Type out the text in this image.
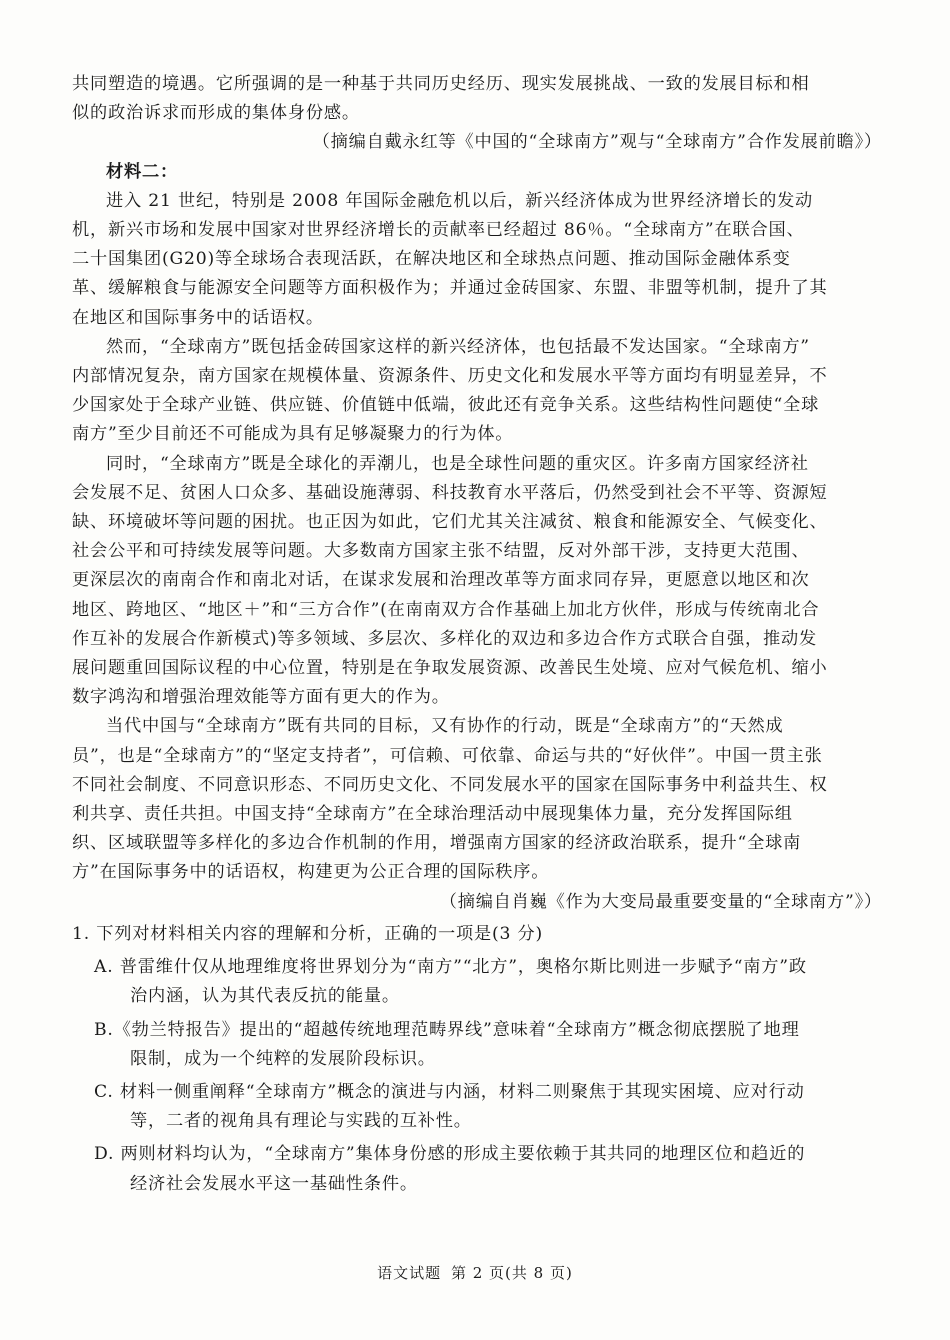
共同塑造的境遇。它所强调的是一种基于共同历史经历、现实发展挑战、一致的发展目标和相
似的政治诉求而形成的集体身份感。
（摘编自戴永红等《中国的“全球南方”观与“全球南方”合作发展前瞻》）
材料二：
进入 21 世纪，特别是 2008 年国际金融危机以后，新兴经济体成为世界经济增长的发动
机，新兴市场和发展中国家对世界经济增长的贡献率已经超过 86％。“全球南方”在联合国、
二十国集团(G20)等全球场合表现活跃，在解决地区和全球热点问题、推动国际金融体系变
革、缓解粮食与能源安全问题等方面积极作为；并通过金砖国家、东盟、非盟等机制，提升了其
在地区和国际事务中的话语权。
然而，“全球南方”既包括金砖国家这样的新兴经济体，也包括最不发达国家。“全球南方”
内部情况复杂，南方国家在规模体量、资源条件、历史文化和发展水平等方面均有明显差异，不
少国家处于全球产业链、供应链、价值链中低端，彼此还有竞争关系。这些结构性问题使“全球
南方”至少目前还不可能成为具有足够凝聚力的行为体。
同时，“全球南方”既是全球化的弄潮儿，也是全球性问题的重灾区。许多南方国家经济社
会发展不足、贫困人口众多、基础设施薄弱、科技教育水平落后，仍然受到社会不平等、资源短
缺、环境破坏等问题的困扰。也正因为如此，它们尤其关注减贫、粮食和能源安全、气候变化、
社会公平和可持续发展等问题。大多数南方国家主张不结盟，反对外部干涉，支持更大范围、
更深层次的南南合作和南北对话，在谋求发展和治理改革等方面求同存异，更愿意以地区和次
地区、跨地区、“地区＋”和“三方合作”(在南南双方合作基础上加北方伙伴，形成与传统南北合
作互补的发展合作新模式)等多领域、多层次、多样化的双边和多边合作方式联合自强，推动发
展问题重回国际议程的中心位置，特别是在争取发展资源、改善民生处境、应对气候危机、缩小
数字鸿沟和增强治理效能等方面有更大的作为。
当代中国与“全球南方”既有共同的目标，又有协作的行动，既是“全球南方”的“天然成
员”，也是“全球南方”的“坚定支持者”，可信赖、可依靠、命运与共的“好伙伴”。中国一贯主张
不同社会制度、不同意识形态、不同历史文化、不同发展水平的国家在国际事务中利益共生、权
利共享、责任共担。中国支持“全球南方”在全球治理活动中展现集体力量，充分发挥国际组
织、区域联盟等多样化的多边合作机制的作用，增强南方国家的经济政治联系，提升“全球南
方”在国际事务中的话语权，构建更为公正合理的国际秩序。
（摘编自肖巍《作为大变局最重要变量的“全球南方”》）
1. 下列对材料相关内容的理解和分析，正确的一项是(3 分)
A. 普雷维什仅从地理维度将世界划分为“南方”“北方”，奥格尔斯比则进一步赋予“南方”政
治内涵，认为其代表反抗的能量。
B.《勃兰特报告》提出的“超越传统地理范畴界线”意味着“全球南方”概念彻底摆脱了地理
限制，成为一个纯粹的发展阶段标识。
C. 材料一侧重阐释“全球南方”概念的演进与内涵，材料二则聚焦于其现实困境、应对行动
等，二者的视角具有理论与实践的互补性。
D. 两则材料均认为，“全球南方”集体身份感的形成主要依赖于其共同的地理区位和趋近的
经济社会发展水平这一基础性条件。
语文试题 第 2 页(共 8 页)
